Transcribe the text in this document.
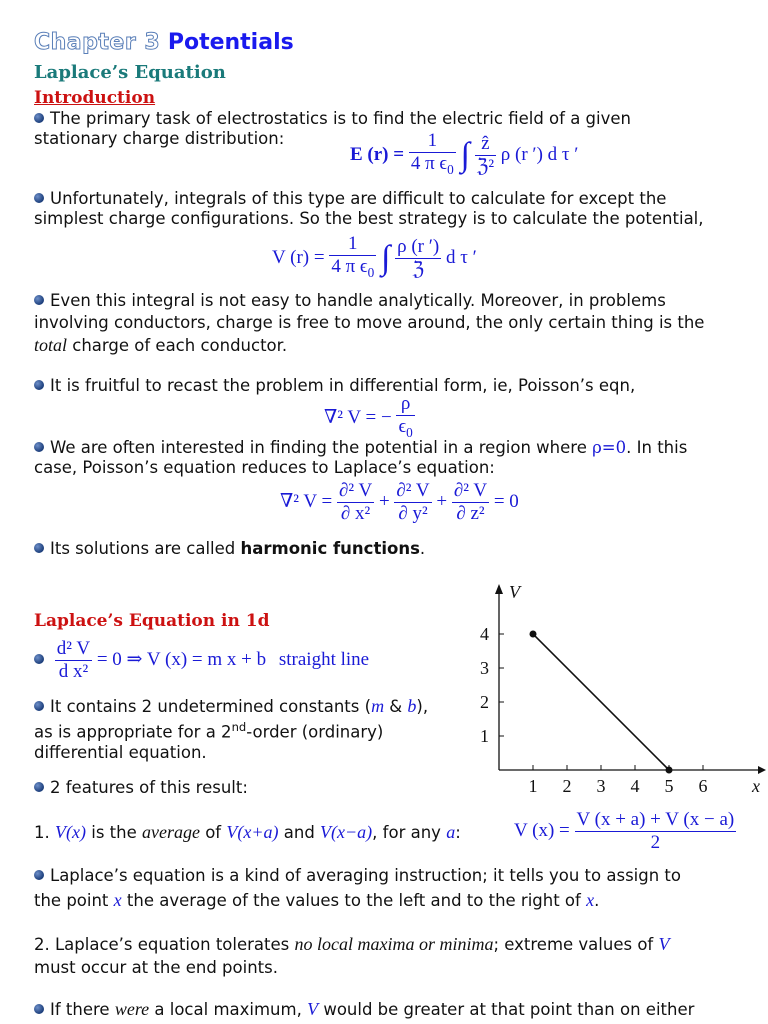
Chapter 3 Potentials
Laplace’s Equation
Introduction
The primary task of electrostatics is to find the electric field of a given
stationary charge distribution:
E $(r) = \frac{1}{4 \pi \epsilon_0}$ ∫ $\frac{\text{ẑ}}{\text{ℨ²}}$ ρ (r ′) d τ ′
Unfortunately, integrals of this type are difficult to calculate for except the
simplest charge configurations. So the best strategy is to calculate the potential,
V $(r) = \frac{1}{4 \pi \epsilon_0}$ ∫ $\frac{\rho (r ')}{\text{ℨ}}$ d τ ′
Even this integral is not easy to handle analytically. Moreover, in problems
involving conductors, charge is free to move around, the only certain thing is the
total charge of each conductor.
It is fruitful to recast the problem in differential form, ie, Poisson’s eqn,
∇² V = − $\frac{\rho}{\epsilon_0}$
We are often interested in finding the potential in a region where ρ=0. In this
case, Poisson’s equation reduces to Laplace’s equation:
∇² $V = \frac{\text{∂² V}}{\text{∂ x²}} + \frac{\text{∂² V}}{\text{∂ y²}} + \frac{\text{∂² V}}{\text{∂ z²}} = 0$
Its solutions are called harmonic functions.
Laplace’s Equation in 1d

$\frac{\text{d² V}}{\text{d x²}} = 0$ ⇒ V (x) = m x + b straight line
It contains 2 undetermined constants (m & b),
as is appropriate for a 2nd-order (ordinary)
differential equation.
V
x
1 2 3 4 5 6
1
2
3
4
2 features of this result:
1. V(x) is the average of V(x+a) and V(x−a), for any a:	V $(x) = \frac{V (x + a) + V (x - a)}{2}$
Laplace’s equation is a kind of averaging instruction; it tells you to assign to
the point x the average of the values to the left and to the right of x.
2. Laplace’s equation tolerates no local maxima or minima; extreme values of V
must occur at the end points.
If there were a local maximum, V would be greater at that point than on either
